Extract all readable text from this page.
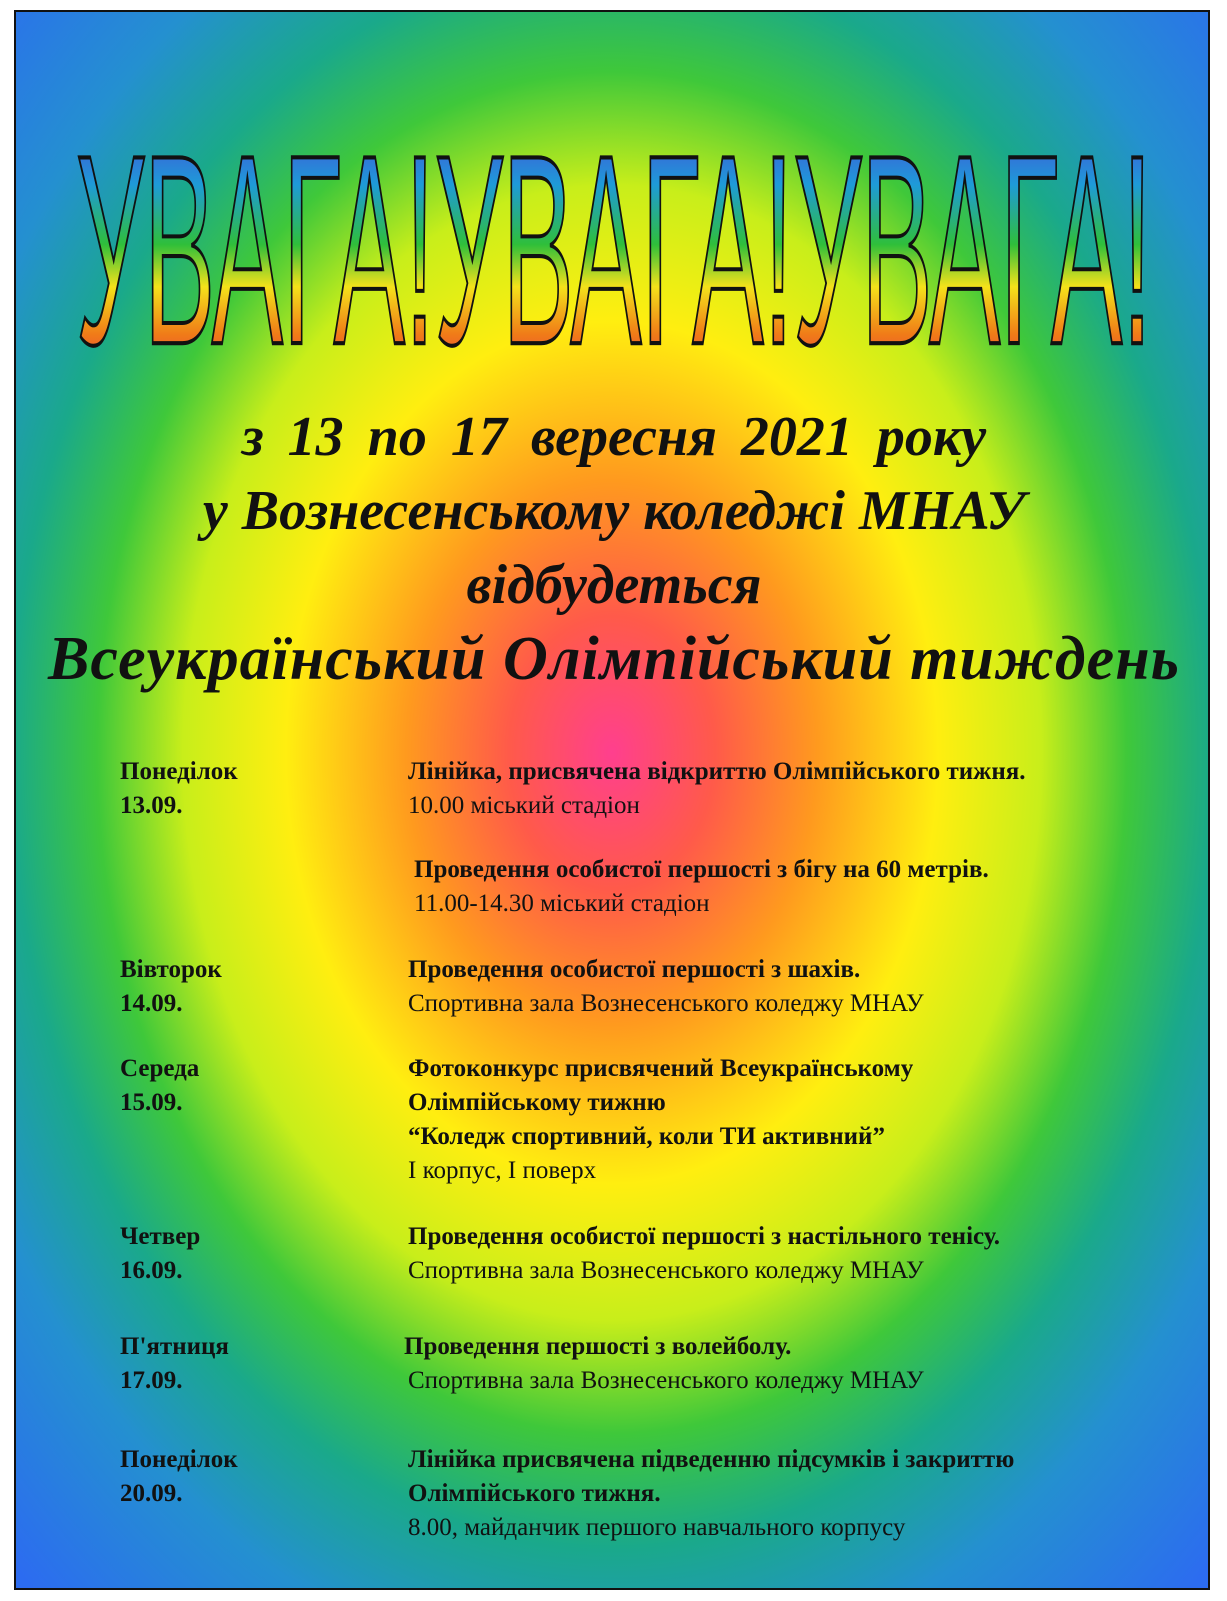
УВАГА!УВАГА!УВАГА!
з 13 по 17 вересня 2021 року
у Вознесенському коледжі МНАУ
відбудеться
Всеукраїнський Олімпійський тиждень
Понеділок
13.09.
Лінійка, присвячена відкриттю Олімпійського тижня.
10.00 міський стадіон
Проведення особистої першості з бігу на 60 метрів.
11.00-14.30 міський стадіон
Вівторок
14.09.
Проведення особистої першості з шахів.
Спортивна зала Вознесенського коледжу МНАУ
Середа
15.09.
Фотоконкурс присвячений Всеукраїнському
Олімпійському тижню
“Коледж спортивний, коли ТИ активний”
І корпус, І поверх
Четвер
16.09.
Проведення особистої першості з настільного тенісу.
Спортивна зала Вознесенського коледжу МНАУ
П'ятниця
17.09.
Проведення першості з волейболу.
Спортивна зала Вознесенського коледжу МНАУ
Понеділок
20.09.
Лінійка присвячена підведенню підсумків і закриттю
Олімпійського тижня.
8.00, майданчик першого навчального корпусу
